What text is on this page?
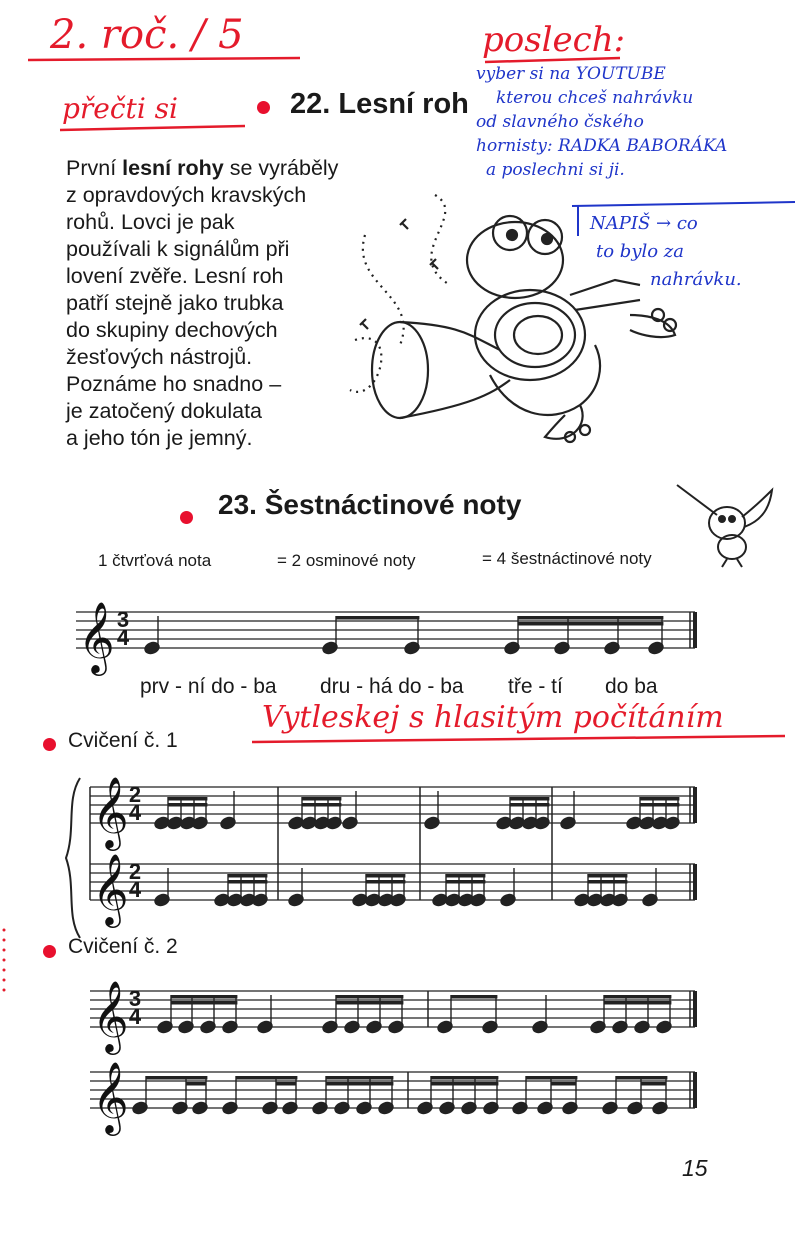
2. roč. / 5	poslech:
přečti si
vyber si na YOUTUBE
kterou chceš nahrávku
od slavného čského
hornisty: RADKA BABORÁKA
a poslechni si ji.
NAPIŠ → co
to bylo za
nahrávku.
22. Lesní roh
První lesní rohy se vyráběly
z opravdových kravských
rohů. Lovci je pak
používali k signálům při
lovení zvěře. Lesní roh
patří stejně jako trubka
do skupiny dechových
žesťových nástrojů.
Poznáme ho snadno –
je zatočený dokulata
a jeho tón je jemný.
23. Šestnáctinové noty
1 čtvrťová nota	= 2 osminové noty	= 4 šestnáctinové noty
𝄞
𝄞
𝄞
𝄞
𝄞
3
4
2
4
2
4
3
4
prv - ní do - ba dru - há do - ba tře - tí do ba
Cvičení č. 1
Vytleskej s hlasitým počítáním
Cvičení č. 2
15
